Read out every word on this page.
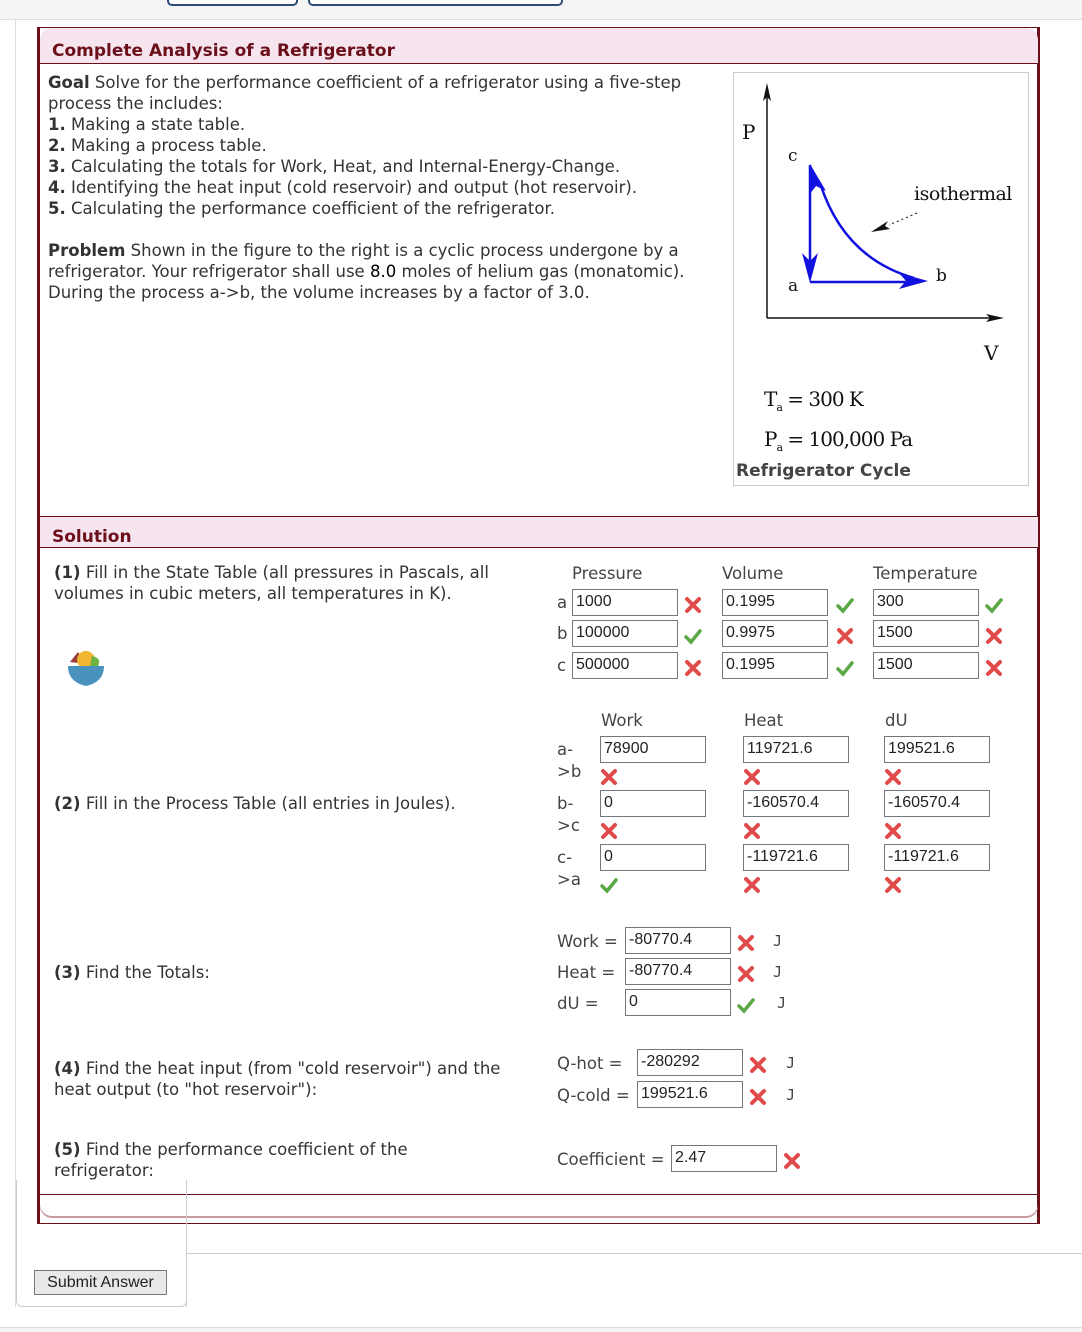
Complete Analysis of a Refrigerator
Goal Solve for the performance coefficient of a refrigerator using a five-step process the includes:
1. Making a state table.
2. Making a process table.
3. Calculating the totals for Work, Heat, and Internal-Energy-Change.
4. Identifying the heat input (cold reservoir) and output (hot reservoir).
5. Calculating the performance coefficient of the refrigerator.
Problem Shown in the figure to the right is a cyclic process undergone by a refrigerator. Your refrigerator shall use 8.0 moles of helium gas (monatomic). During the process a->b, the volume increases by a factor of 3.0.
P
V
c
a	b
isothermal
$T_a = 300$ K
$P_a = 100,000$ Pa
Refrigerator Cycle
Solution
(1) Fill in the State Table (all pressures in Pascals, all volumes in cubic meters, all temperatures in K).
Pressure	Volume	Temperature
a 1000	0.1995	300
b 100000	0.9975	1500
c 500000	0.1995	1500
(2) Fill in the Process Table (all entries in Joules).
Work	Heat	dU
a-
>b
78900	119721.6	199521.6
b-
>c
0	-160570.4	-160570.4
c-
>a
0	-119721.6	-119721.6
(3) Find the Totals:
Work = -80770.4	J
Heat = -80770.4	J
dU = 0	J
(4) Find the heat input (from "cold reservoir") and the heat output (to "hot reservoir"):
Q-hot = -280292	J
Q-cold = 199521.6	J
(5) Find the performance coefficient of the refrigerator:
Coefficient = 2.47
Submit Answer
